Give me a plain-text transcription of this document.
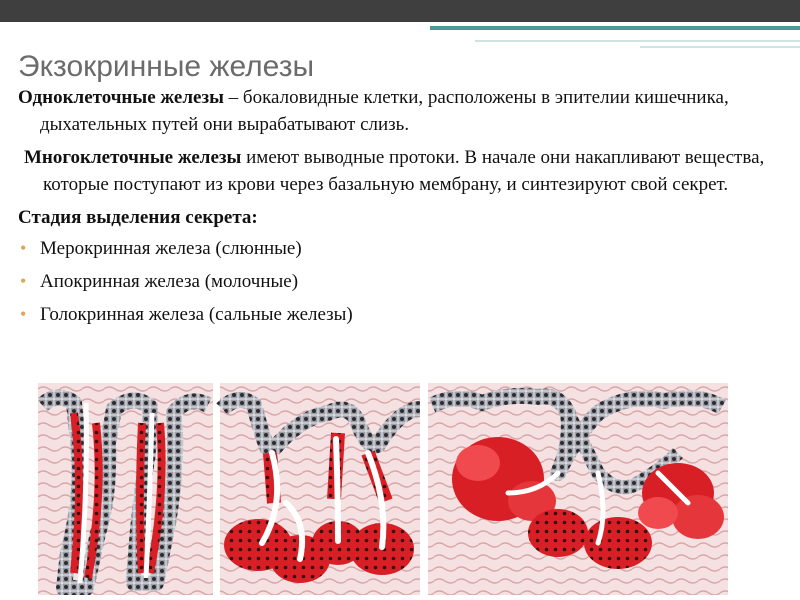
Экзокринные железы

Одноклеточные железы – бокаловидные клетки, расположены в эпителии кишечника, дыхательных путей они вырабатывают слизь.

Многоклеточные железы имеют выводные протоки. В начале они накапливают вещества, которые поступают из крови через базальную мембрану, и синтезируют свой секрет.

Стадия выделения секрета:

• Мерокринная железа (слюнные)
• Апокринная железа (молочные)
• Голокринная железа (сальные железы)
